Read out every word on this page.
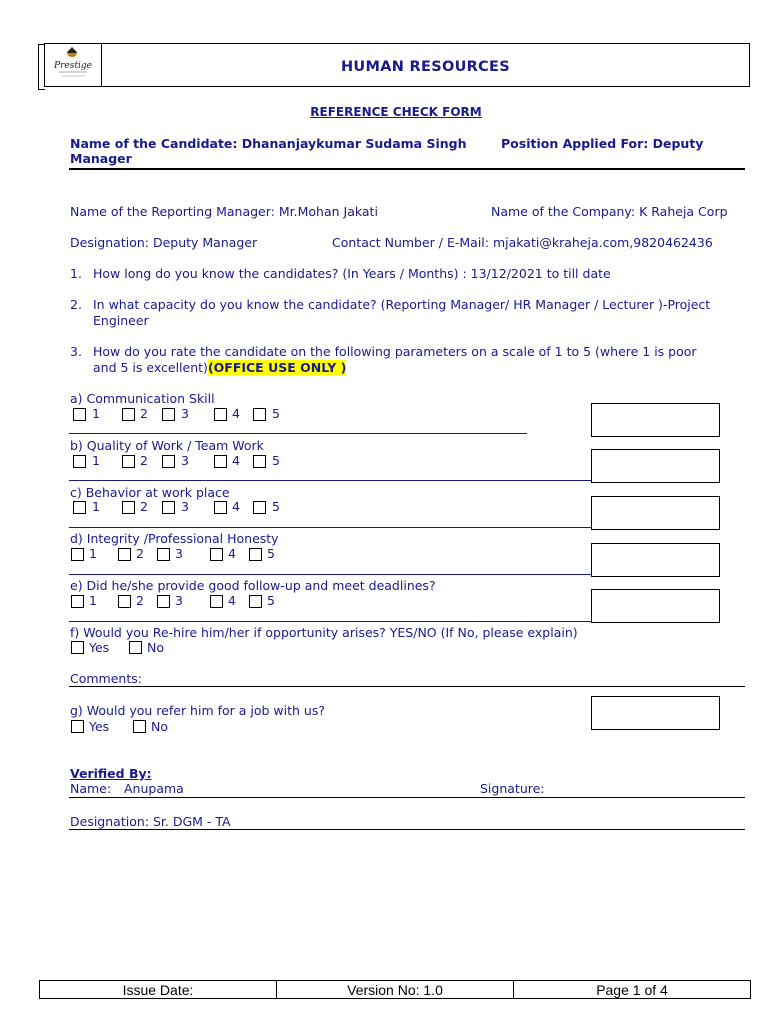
Prestige	HUMAN RESOURCES
REFERENCE CHECK FORM
Name of the Candidate: Dhananjaykumar Sudama Singh	Position Applied For: Deputy
Manager
Name of the Reporting Manager: Mr.Mohan Jakati	Name of the Company: K Raheja Corp
Designation: Deputy Manager	Contact Number / E-Mail: mjakati@kraheja.com,9820462436
1. How long do you know the candidates? (In Years / Months) : 13/12/2021 to till date
2. In what capacity do you know the candidate? (Reporting Manager/ HR Manager / Lecturer )-Project
Engineer
3. How do you rate the candidate on the following parameters on a scale of 1 to 5 (where 1 is poor
and 5 is excellent)(OFFICE USE ONLY )
a) Communication Skill
1	2	3	4	5
b) Quality of Work / Team Work
1	2	3	4	5
c) Behavior at work place
1	2	3	4	5
d) Integrity /Professional Honesty
1	2 3	4 5
e) Did he/she provide good follow-up and meet deadlines?
1	2 3	4 5
f) Would you Re-hire him/her if opportunity arises? YES/NO (If No, please explain)
Yes	No
Comments:
g) Would you refer him for a job with us?
Yes	No
Verified By:
Name: Anupama	Signature:
Designation: Sr. DGM - TA
Issue Date:	Version No: 1.0	Page 1 of 4
